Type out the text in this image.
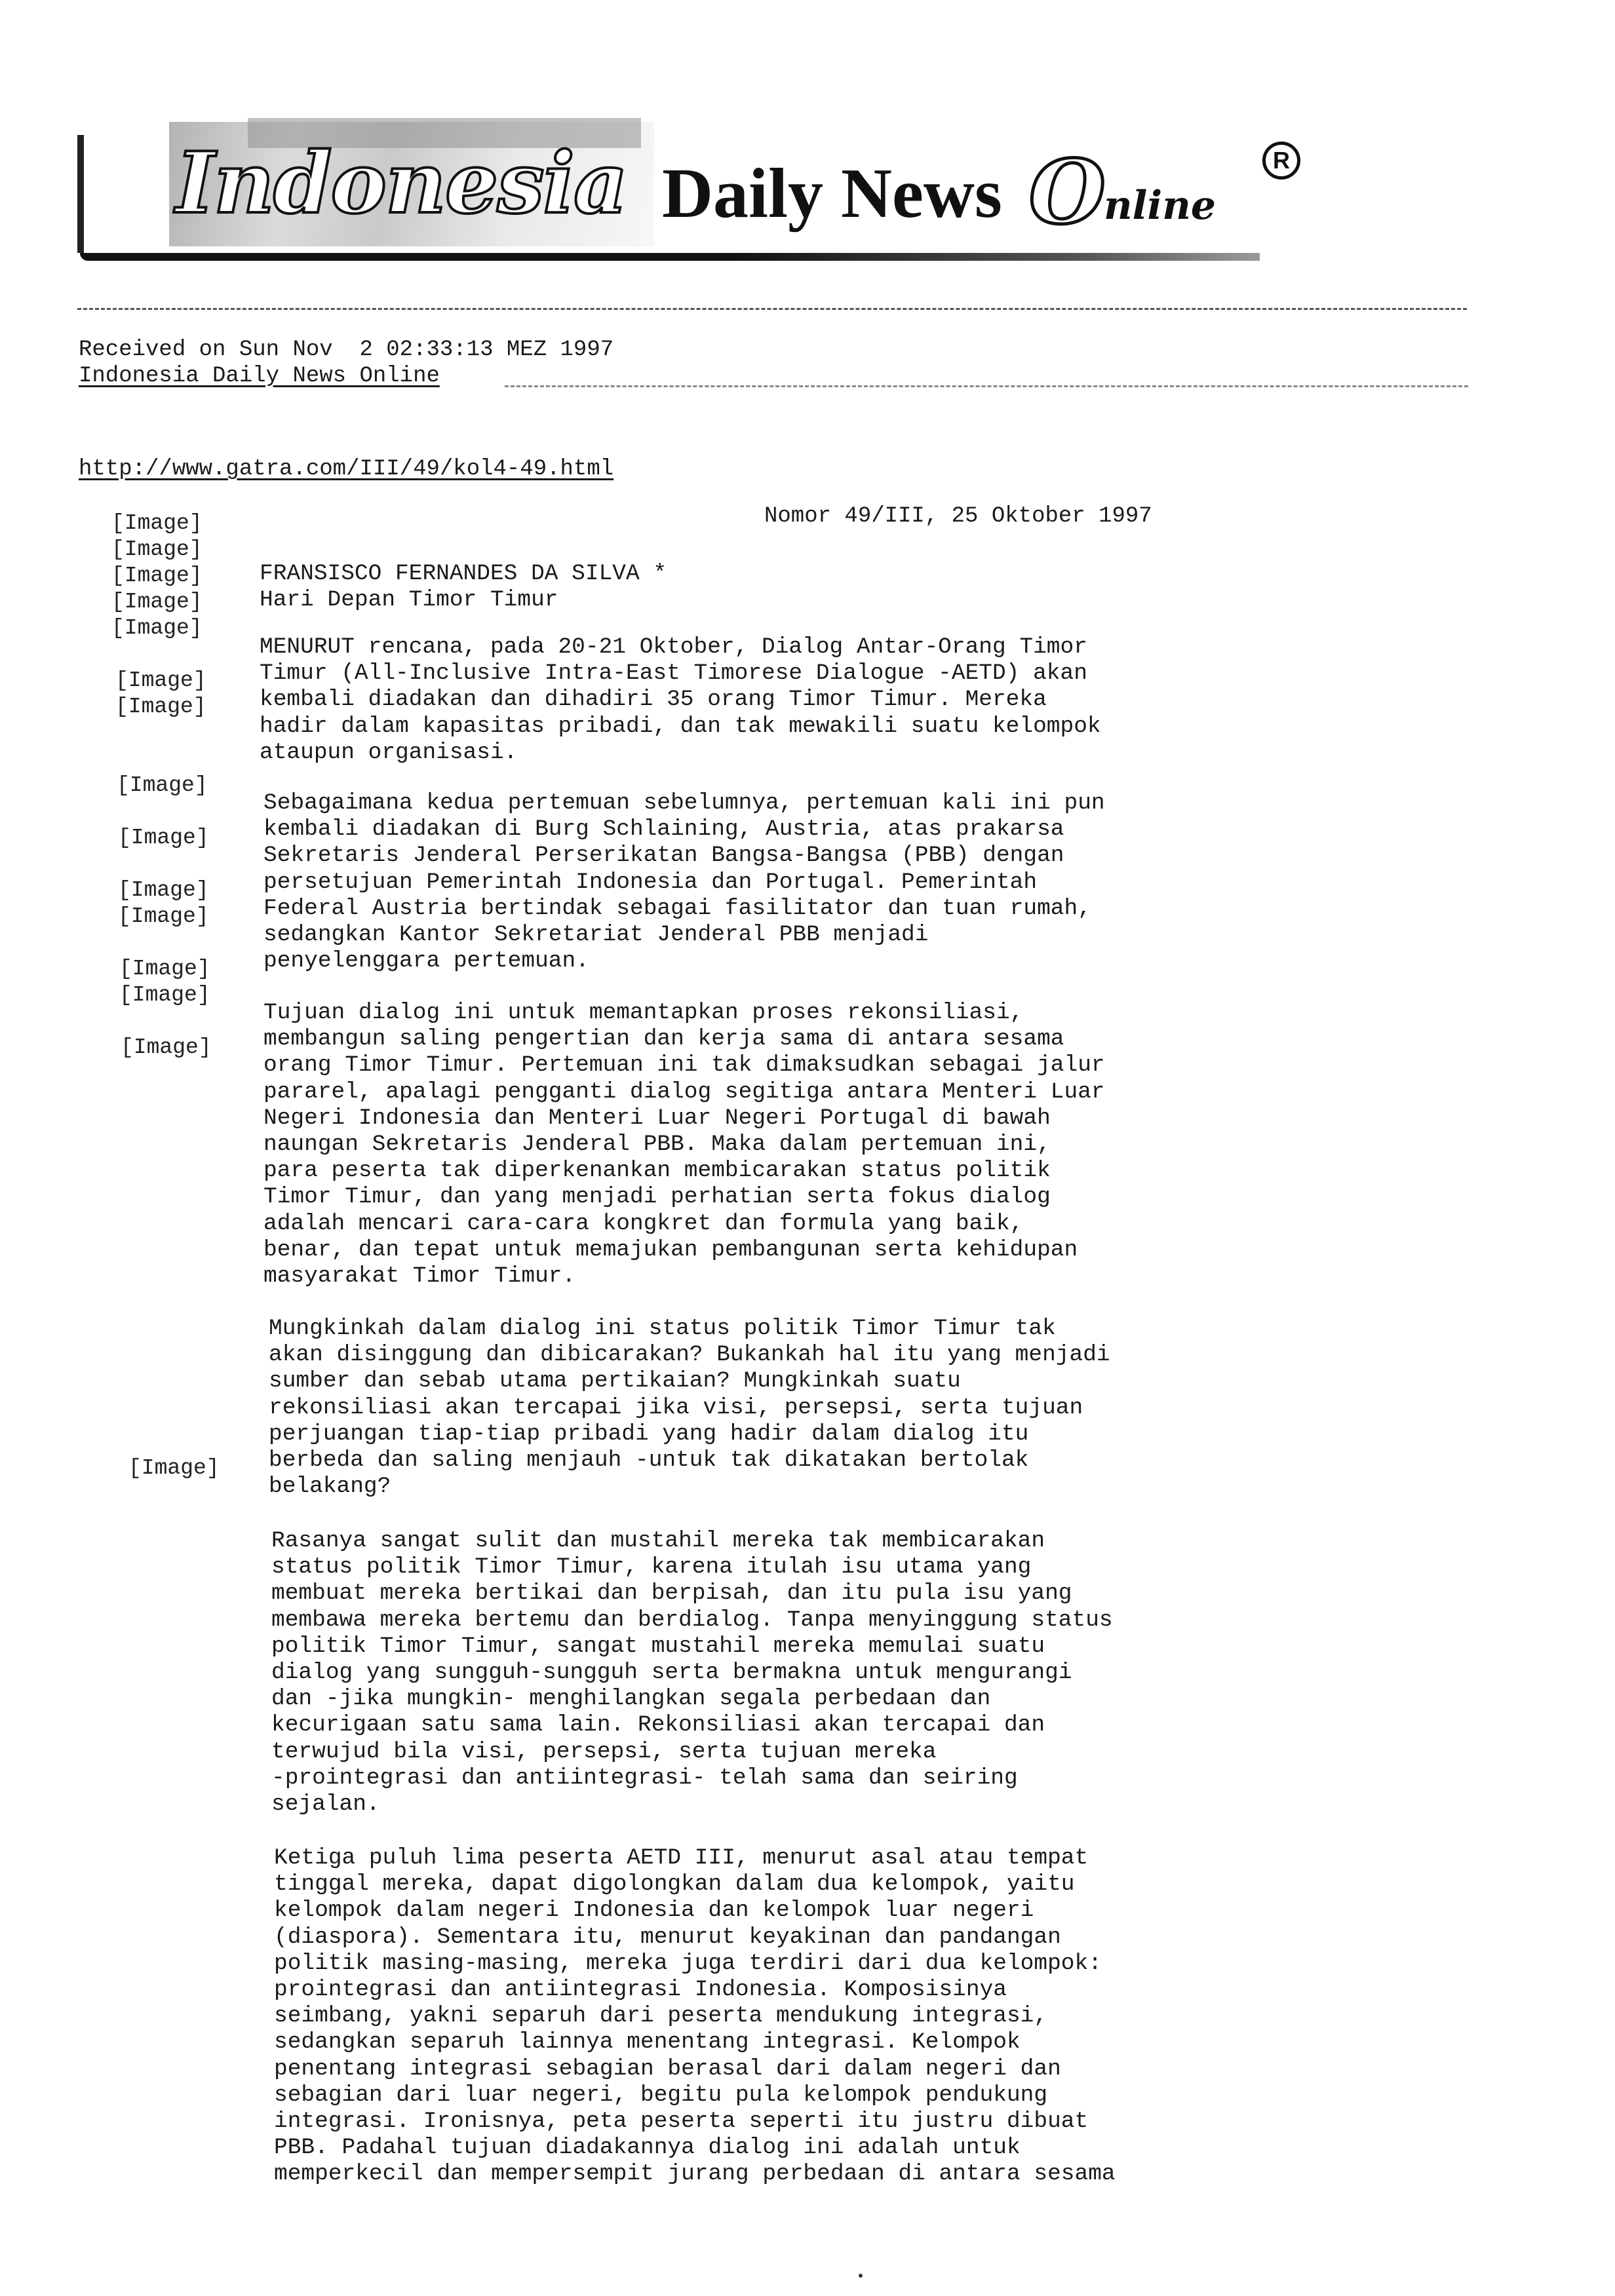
Indonesia Daily News O
nline
R
Received on Sun Nov  2 02:33:13 MEZ 1997
Indonesia Daily News Online
http://www.gatra.com/III/49/kol4-49.html
Nomor 49/III, 25 Oktober 1997
[Image]
[Image]
[Image]
[Image]
[Image]
[Image]
[Image]
[Image]
[Image]
[Image]
[Image]
[Image]
[Image]
[Image]
[Image]
FRANSISCO FERNANDES DA SILVA *
Hari Depan Timor Timur

MENURUT rencana, pada 20-21 Oktober, Dialog Antar-Orang Timor
Timur (All-Inclusive Intra-East Timorese Dialogue -AETD) akan
kembali diadakan dan dihadiri 35 orang Timor Timur. Mereka
hadir dalam kapasitas pribadi, dan tak mewakili suatu kelompok
ataupun organisasi.

Sebagaimana kedua pertemuan sebelumnya, pertemuan kali ini pun
kembali diadakan di Burg Schlaining, Austria, atas prakarsa
Sekretaris Jenderal Perserikatan Bangsa-Bangsa (PBB) dengan
persetujuan Pemerintah Indonesia dan Portugal. Pemerintah
Federal Austria bertindak sebagai fasilitator dan tuan rumah,
sedangkan Kantor Sekretariat Jenderal PBB menjadi
penyelenggara pertemuan.

Tujuan dialog ini untuk memantapkan proses rekonsiliasi,
membangun saling pengertian dan kerja sama di antara sesama
orang Timor Timur. Pertemuan ini tak dimaksudkan sebagai jalur
pararel, apalagi pengganti dialog segitiga antara Menteri Luar
Negeri Indonesia dan Menteri Luar Negeri Portugal di bawah
naungan Sekretaris Jenderal PBB. Maka dalam pertemuan ini,
para peserta tak diperkenankan membicarakan status politik
Timor Timur, dan yang menjadi perhatian serta fokus dialog
adalah mencari cara-cara kongkret dan formula yang baik,
benar, dan tepat untuk memajukan pembangunan serta kehidupan
masyarakat Timor Timur.

Mungkinkah dalam dialog ini status politik Timor Timur tak
akan disinggung dan dibicarakan? Bukankah hal itu yang menjadi
sumber dan sebab utama pertikaian? Mungkinkah suatu
rekonsiliasi akan tercapai jika visi, persepsi, serta tujuan
perjuangan tiap-tiap pribadi yang hadir dalam dialog itu
berbeda dan saling menjauh -untuk tak dikatakan bertolak
belakang?

Rasanya sangat sulit dan mustahil mereka tak membicarakan
status politik Timor Timur, karena itulah isu utama yang
membuat mereka bertikai dan berpisah, dan itu pula isu yang
membawa mereka bertemu dan berdialog. Tanpa menyinggung status
politik Timor Timur, sangat mustahil mereka memulai suatu
dialog yang sungguh-sungguh serta bermakna untuk mengurangi
dan -jika mungkin- menghilangkan segala perbedaan dan
kecurigaan satu sama lain. Rekonsiliasi akan tercapai dan
terwujud bila visi, persepsi, serta tujuan mereka
-prointegrasi dan antiintegrasi- telah sama dan seiring
sejalan.

Ketiga puluh lima peserta AETD III, menurut asal atau tempat
tinggal mereka, dapat digolongkan dalam dua kelompok, yaitu
kelompok dalam negeri Indonesia dan kelompok luar negeri
(diaspora). Sementara itu, menurut keyakinan dan pandangan
politik masing-masing, mereka juga terdiri dari dua kelompok:
prointegrasi dan antiintegrasi Indonesia. Komposisinya
seimbang, yakni separuh dari peserta mendukung integrasi,
sedangkan separuh lainnya menentang integrasi. Kelompok
penentang integrasi sebagian berasal dari dalam negeri dan
sebagian dari luar negeri, begitu pula kelompok pendukung
integrasi. Ironisnya, peta peserta seperti itu justru dibuat
PBB. Padahal tujuan diadakannya dialog ini adalah untuk
memperkecil dan mempersempit jurang perbedaan di antara sesama
